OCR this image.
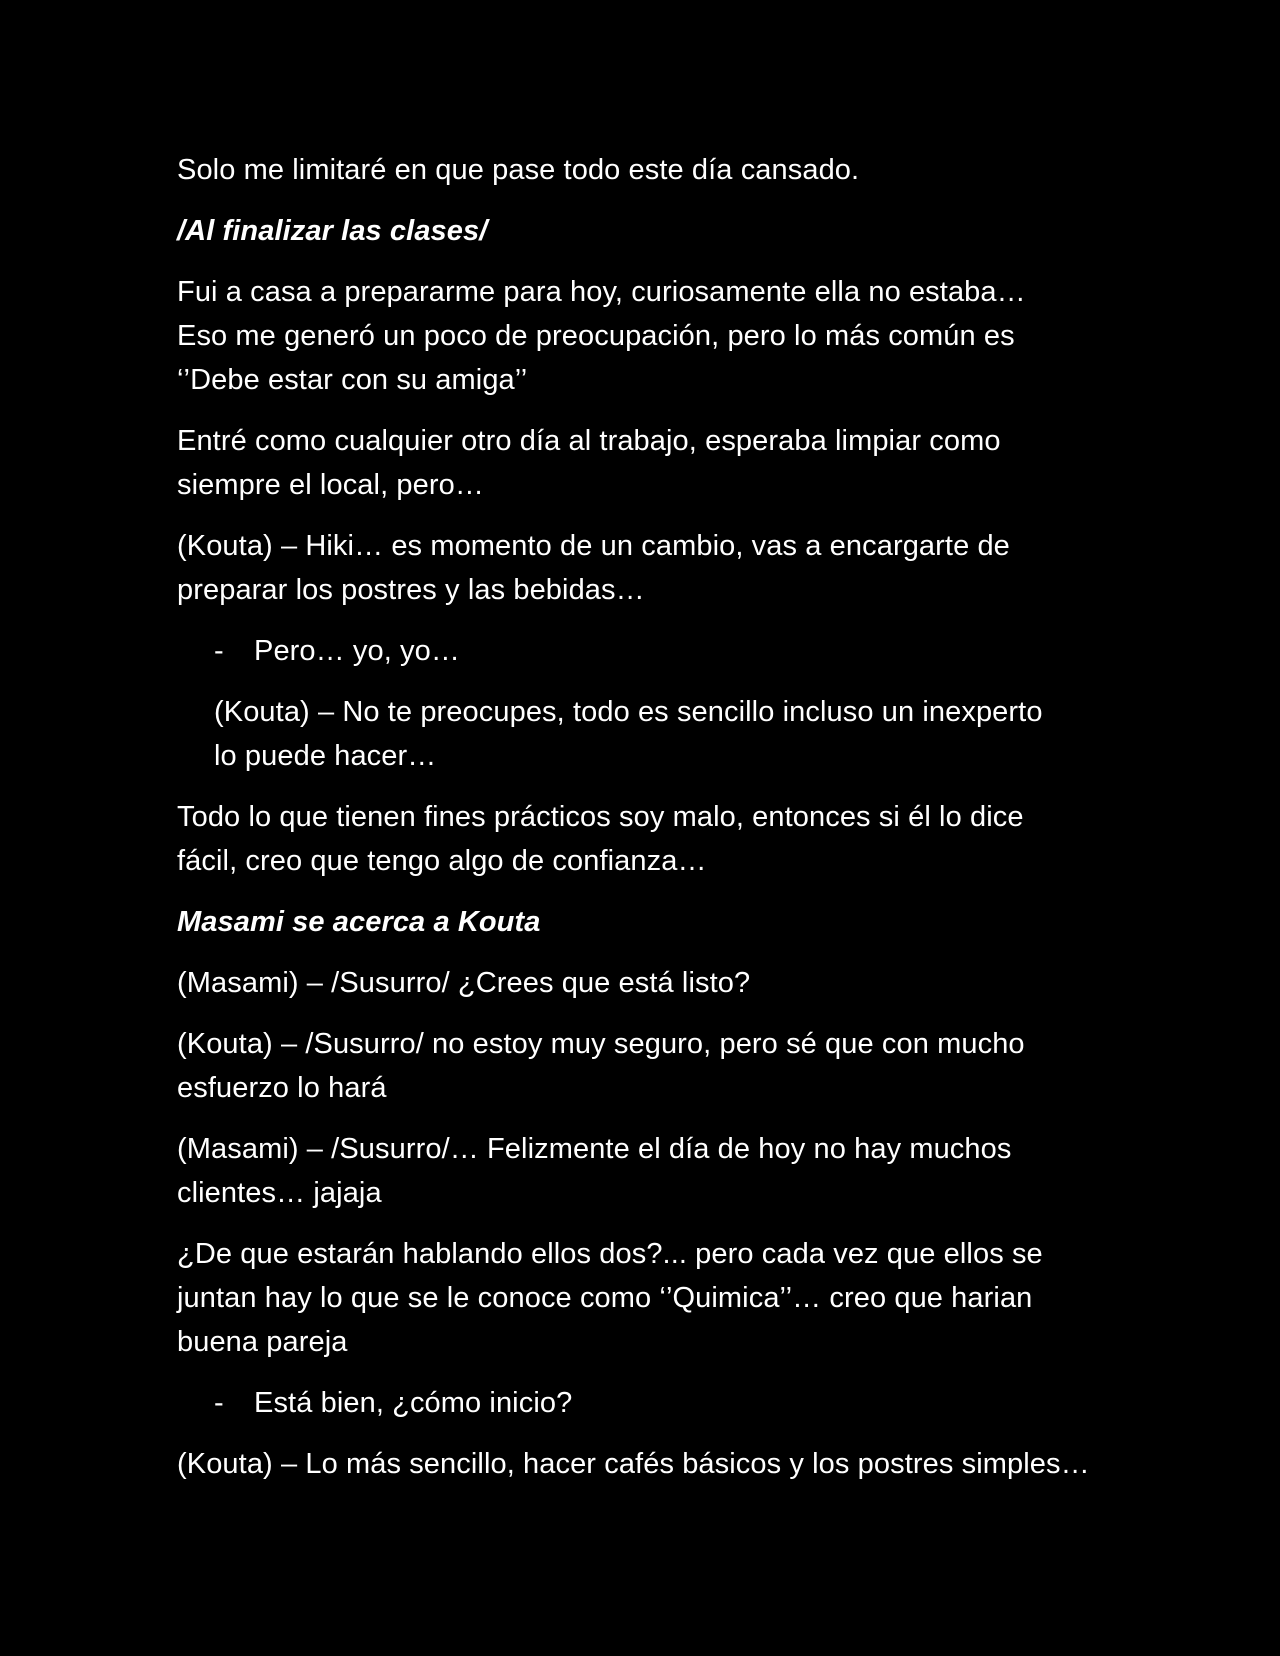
Solo me limitaré en que pase todo este día cansado.
/Al finalizar las clases/
Fui a casa a prepararme para hoy, curiosamente ella no estaba…
Eso me generó un poco de preocupación, pero lo más común es
‘’Debe estar con su amiga’’
Entré como cualquier otro día al trabajo, esperaba limpiar como
siempre el local, pero…
(Kouta) – Hiki… es momento de un cambio, vas a encargarte de
preparar los postres y las bebidas…
- Pero… yo, yo…
(Kouta) – No te preocupes, todo es sencillo incluso un inexperto
lo puede hacer…
Todo lo que tienen fines prácticos soy malo, entonces si él lo dice
fácil, creo que tengo algo de confianza…
Masami se acerca a Kouta
(Masami) – /Susurro/ ¿Crees que está listo?
(Kouta) – /Susurro/ no estoy muy seguro, pero sé que con mucho
esfuerzo lo hará
(Masami) – /Susurro/… Felizmente el día de hoy no hay muchos
clientes… jajaja
¿De que estarán hablando ellos dos?... pero cada vez que ellos se
juntan hay lo que se le conoce como ‘’Quimica’’… creo que harian
buena pareja
- Está bien, ¿cómo inicio?
(Kouta) – Lo más sencillo, hacer cafés básicos y los postres simples…
